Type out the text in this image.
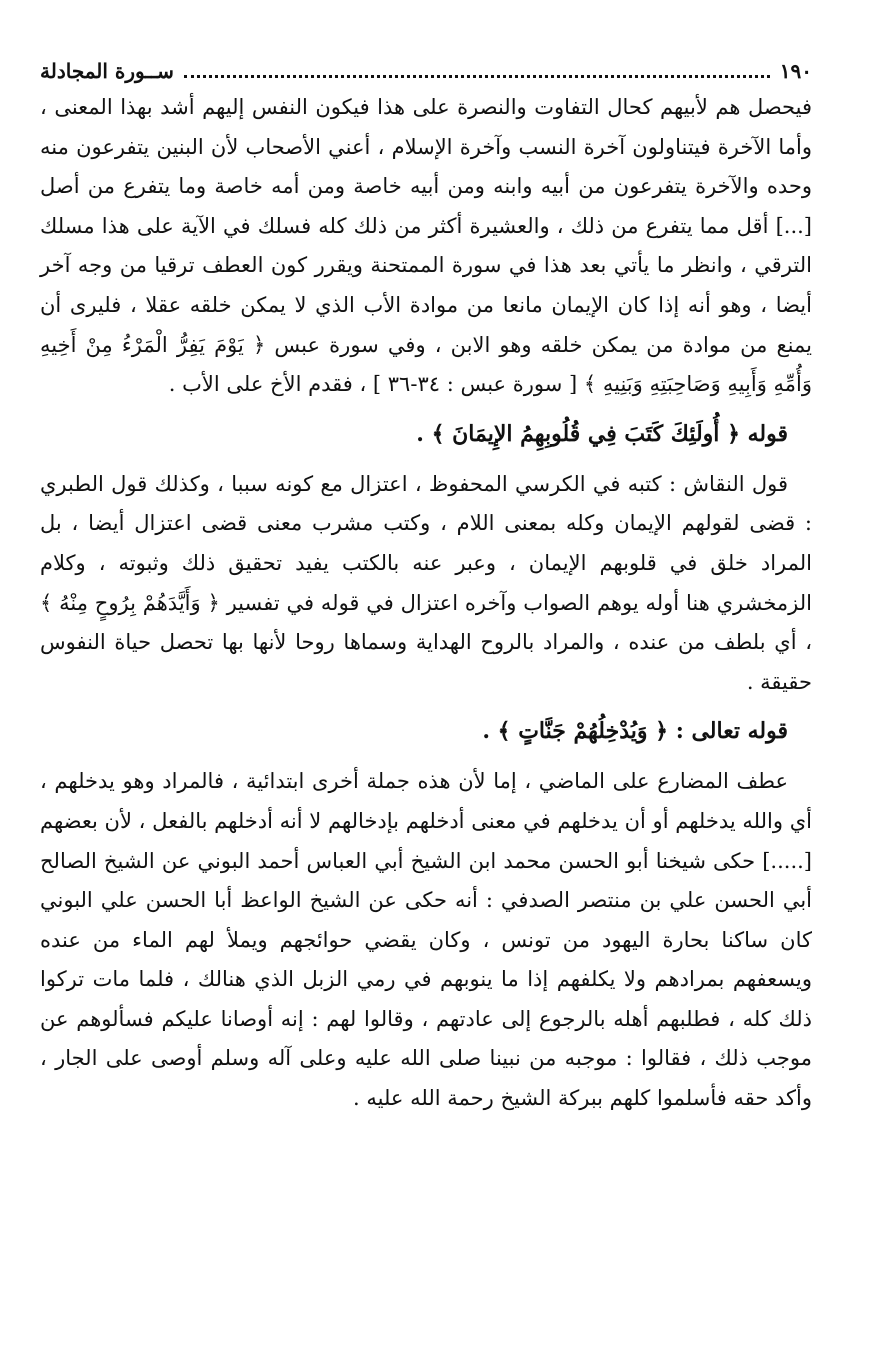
١٩٠
ســورة المجادلة

فيحصل هم لأبيهم كحال التفاوت والنصرة على هذا فيكون النفس إليهم أشد بهذا المعنى ، وأما الآخرة فيتناولون آخرة النسب وآخرة الإسلام ، أعني الأصحاب لأن البنين يتفرعون منه وحده والآخرة يتفرعون من أبيه وابنه ومن أبيه خاصة ومن أمه خاصة وما يتفرع من أصل [...] أقل مما يتفرع من ذلك ، والعشيرة أكثر من ذلك كله فسلك في الآية على هذا مسلك الترقي ، وانظر ما يأتي بعد هذا في سورة الممتحنة ويقرر كون العطف ترقيا من وجه آخر أيضا ، وهو أنه إذا كان الإيمان مانعا من موادة الأب الذي لا يمكن خلقه عقلا ، فليرى أن يمنع من موادة من يمكن خلقه وهو الابن ، وفي سورة عبس ﴿ يَوْمَ يَفِرُّ الْمَرْءُ مِنْ أَخِيهِ وَأُمِّهِ وَأَبِيهِ وَصَاحِبَتِهِ وَبَنِيهِ ﴾ [ سورة عبس : ٣٤-٣٦ ] ، فقدم الأخ على الأب .

قوله ﴿ أُولَئِكَ كَتَبَ فِي قُلُوبِهِمُ الإِيمَانَ ﴾ .

قول النقاش : كتبه في الكرسي المحفوظ ، اعتزال مع كونه سببا ، وكذلك قول الطبري : قضى لقولهم الإيمان وكله بمعنى اللام ، وكتب مشرب معنى قضى اعتزال أيضا ، بل المراد خلق في قلوبهم الإيمان ، وعبر عنه بالكتب يفيد تحقيق ذلك وثبوته ، وكلام الزمخشري هنا أوله يوهم الصواب وآخره اعتزال في قوله في تفسير ﴿ وَأَيَّدَهُمْ بِرُوحٍ مِنْهُ ﴾ ، أي بلطف من عنده ، والمراد بالروح الهداية وسماها روحا لأنها بها تحصل حياة النفوس حقيقة .

قوله تعالى : ﴿ وَيُدْخِلُهُمْ جَنَّاتٍ ﴾ .

عطف المضارع على الماضي ، إما لأن هذه جملة أخرى ابتدائية ، فالمراد وهو يدخلهم ، أي والله يدخلهم أو أن يدخلهم في معنى أدخلهم بإدخالهم لا أنه أدخلهم بالفعل ، لأن بعضهم [.....] حكى شيخنا أبو الحسن محمد ابن الشيخ أبي العباس أحمد البوني عن الشيخ الصالح أبي الحسن علي بن منتصر الصدفي : أنه حكى عن الشيخ الواعظ أبا الحسن علي البوني كان ساكنا بحارة اليهود من تونس ، وكان يقضي حوائجهم ويملأ لهم الماء من عنده ويسعفهم بمرادهم ولا يكلفهم إذا ما ينوبهم في رمي الزبل الذي هنالك ، فلما مات تركوا ذلك كله ، فطلبهم أهله بالرجوع إلى عادتهم ، وقالوا لهم : إنه أوصانا عليكم فسألوهم عن موجب ذلك ، فقالوا : موجبه من نبينا صلى الله عليه وعلى آله وسلم أوصى على الجار ، وأكد حقه فأسلموا كلهم ببركة الشيخ رحمة الله عليه .
